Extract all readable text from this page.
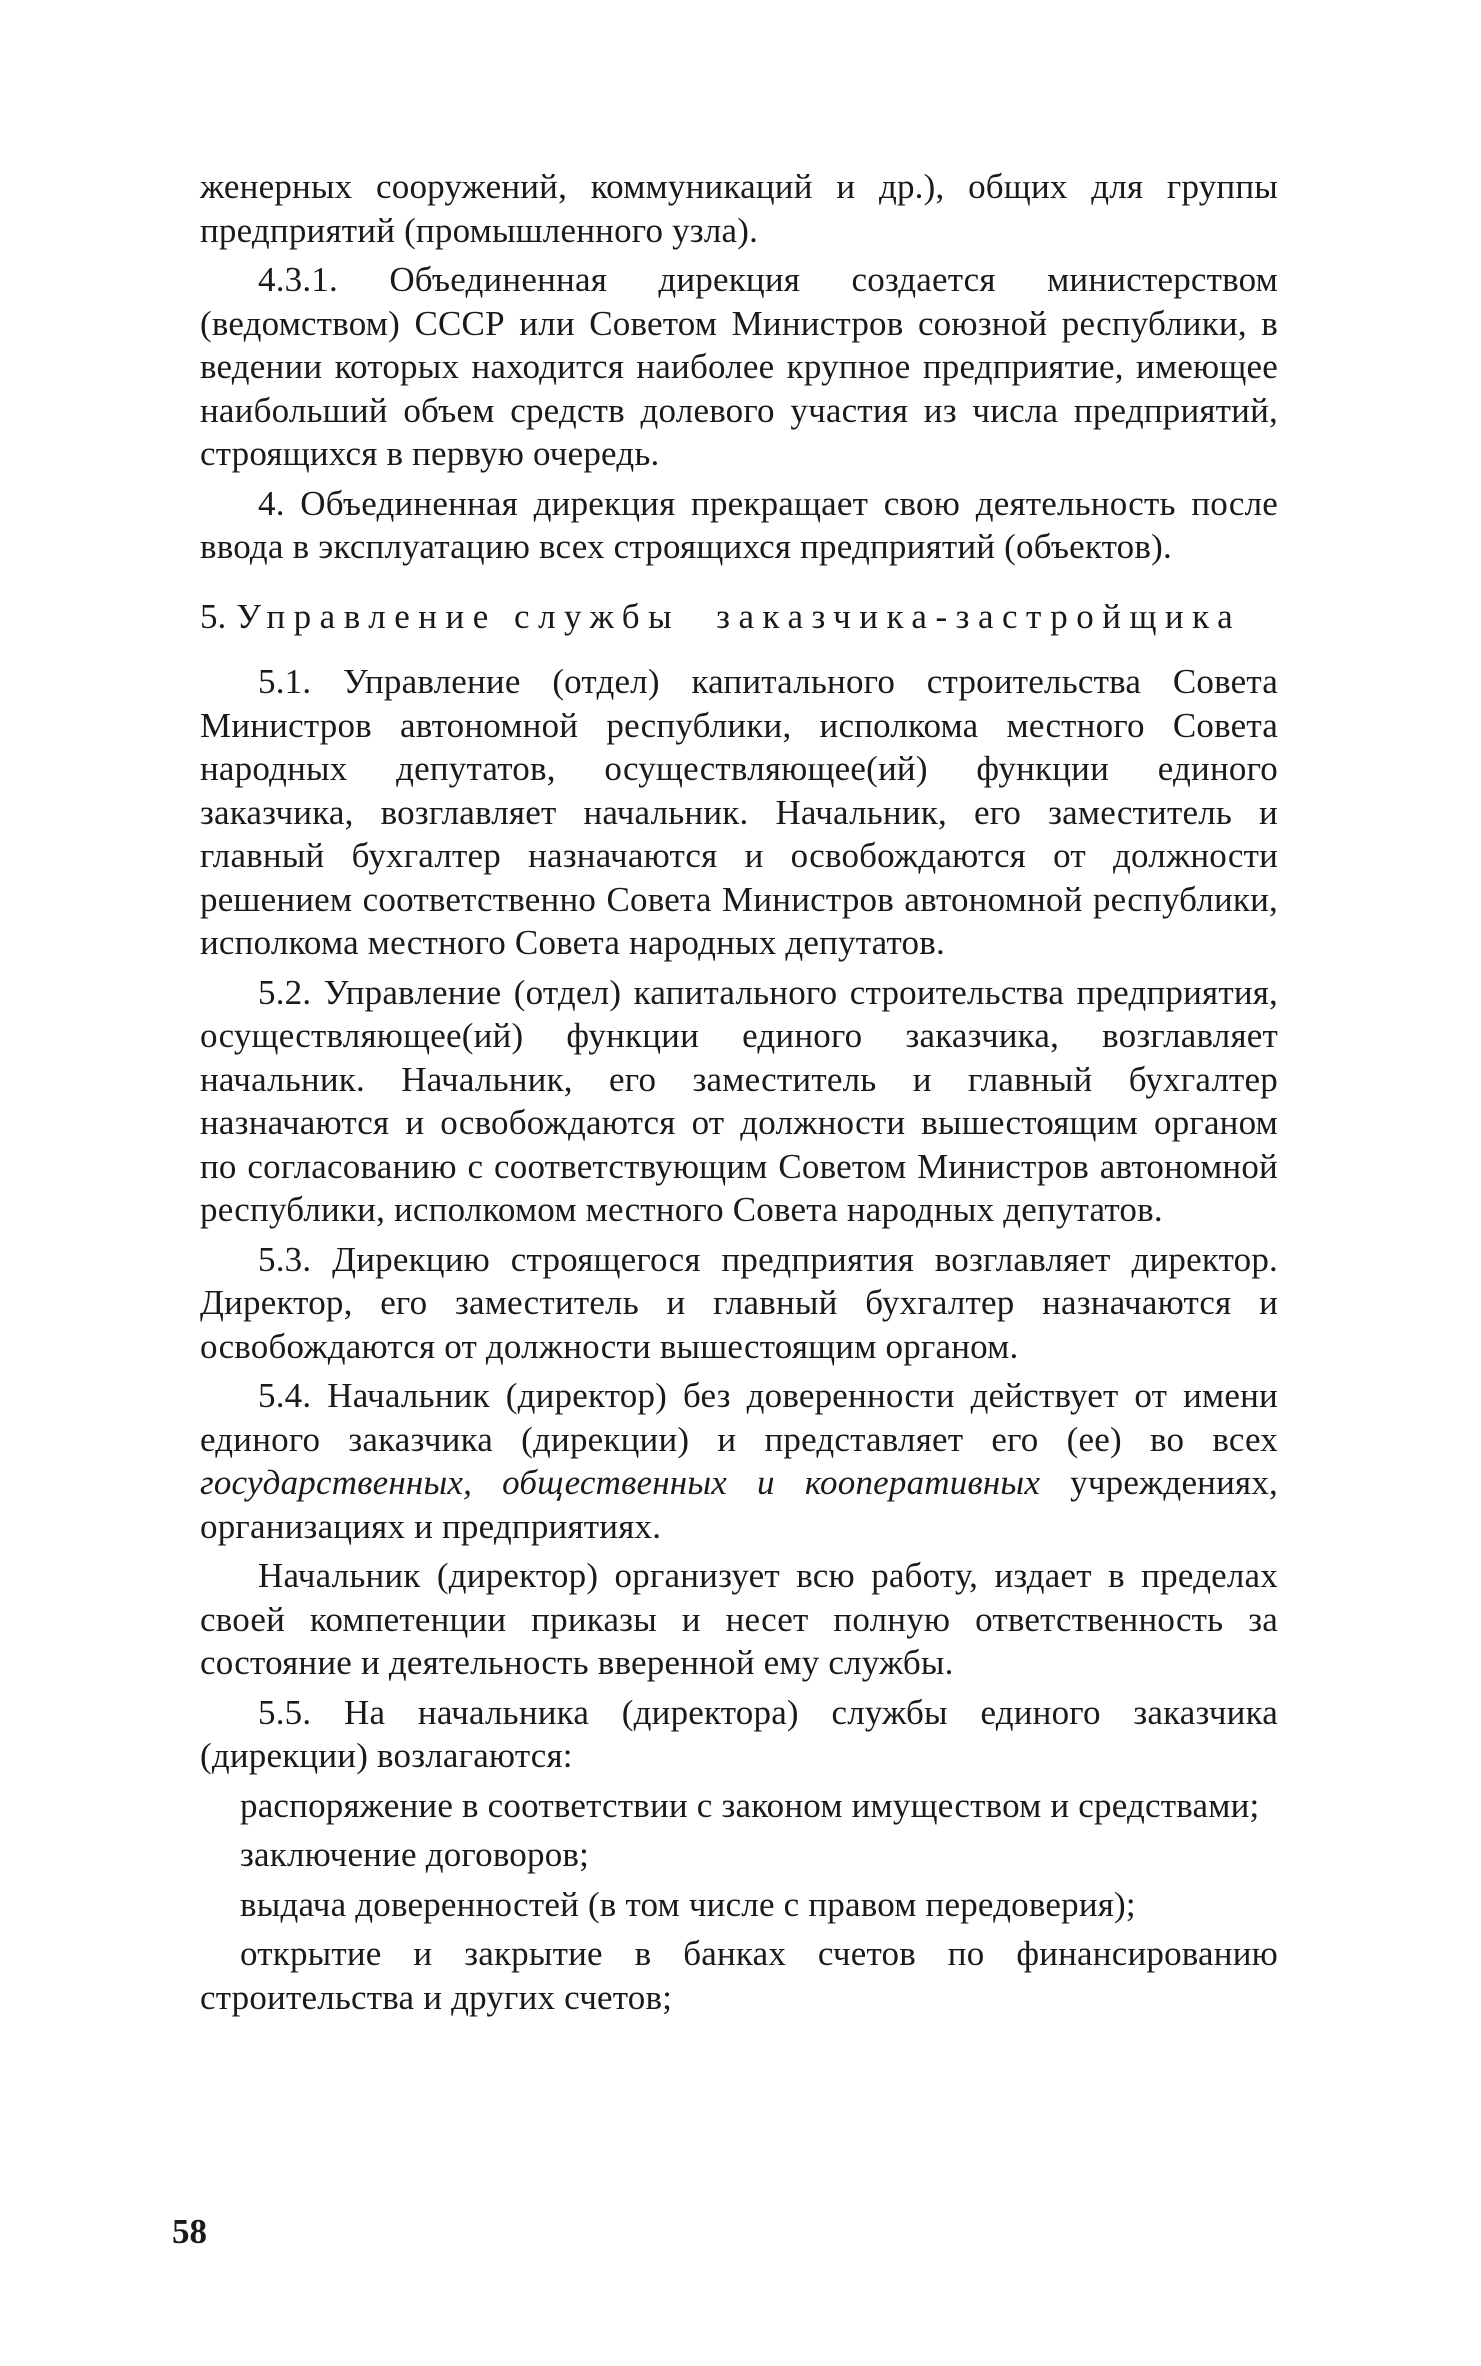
женерных сооружений, коммуникаций и др.), общих для группы предприятий (промышленного узла).

4.3.1. Объединенная дирекция создается министерством (ведомством) СССР или Советом Министров союзной республики, в ведении которых находится наиболее крупное предприятие, имеющее наибольший объем средств долевого участия из числа предприятий, строящихся в первую очередь.

4. Объединенная дирекция прекращает свою деятельность после ввода в эксплуатацию всех строящихся предприятий (объектов).

5. Управление службы заказчика-застройщика

5.1. Управление (отдел) капитального строительства Совета Министров автономной республики, исполкома местного Совета народных депутатов, осуществляющее(ий) функции единого заказчика, возглавляет начальник. Начальник, его заместитель и главный бухгалтер назначаются и освобождаются от должности решением соответственно Совета Министров автономной республики, исполкома местного Совета народных депутатов.

5.2. Управление (отдел) капитального строительства предприятия, осуществляющее(ий) функции единого заказчика, возглавляет начальник. Начальник, его заместитель и главный бухгалтер назначаются и освобождаются от должности вышестоящим органом по согласованию с соответствующим Советом Министров автономной республики, исполкомом местного Совета народных депутатов.

5.3. Дирекцию строящегося предприятия возглавляет директор. Директор, его заместитель и главный бухгалтер назначаются и освобождаются от должности вышестоящим органом.

5.4. Начальник (директор) без доверенности действует от имени единого заказчика (дирекции) и представляет его (ее) во всех государственных, общественных и кооперативных учреждениях, организациях и предприятиях.

Начальник (директор) организует всю работу, издает в пределах своей компетенции приказы и несет полную ответственность за состояние и деятельность вверенной ему службы.

5.5. На начальника (директора) службы единого заказчика (дирекции) возлагаются:

распоряжение в соответствии с законом имуществом и средствами;

заключение договоров;

выдача доверенностей (в том числе с правом передоверия);

открытие и закрытие в банках счетов по финансированию строительства и других счетов;

58
